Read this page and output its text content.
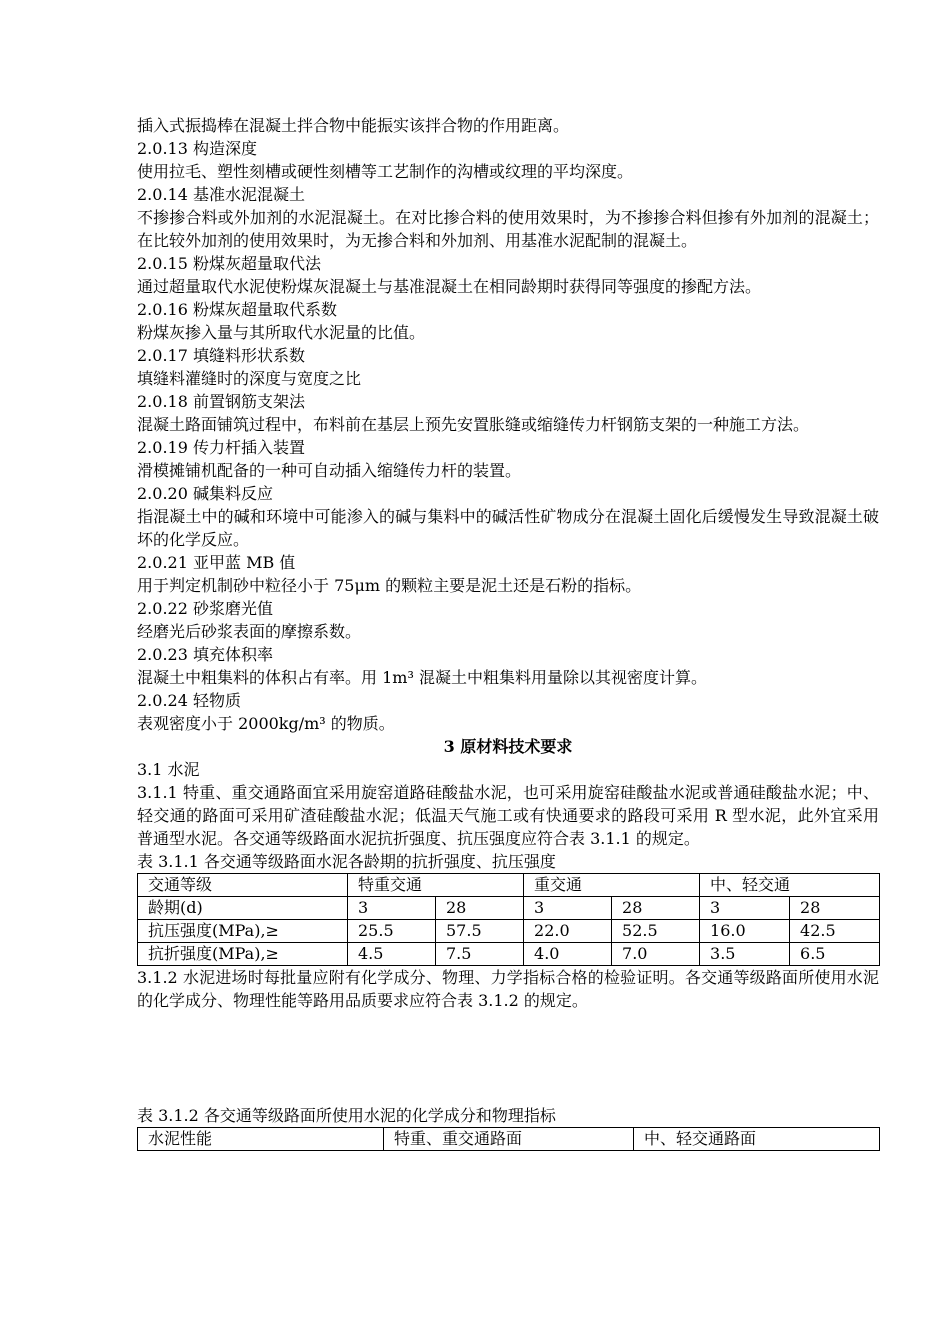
插入式振捣棒在混凝土拌合物中能振实该拌合物的作用距离。

2.0.13 构造深度

使用拉毛、塑性刻槽或硬性刻槽等工艺制作的沟槽或纹理的平均深度。

2.0.14 基准水泥混凝土

不掺掺合料或外加剂的水泥混凝土。在对比掺合料的使用效果时，为不掺掺合料但掺有外加剂的混凝土；在比较外加剂的使用效果时，为无掺合料和外加剂、用基准水泥配制的混凝土。

2.0.15 粉煤灰超量取代法

通过超量取代水泥使粉煤灰混凝土与基准混凝土在相同龄期时获得同等强度的掺配方法。

2.0.16 粉煤灰超量取代系数

粉煤灰掺入量与其所取代水泥量的比值。

2.0.17 填缝料形状系数

填缝料灌缝时的深度与宽度之比

2.0.18 前置钢筋支架法

混凝土路面铺筑过程中，布料前在基层上预先安置胀缝或缩缝传力杆钢筋支架的一种施工方法。

2.0.19 传力杆插入装置

滑模摊铺机配备的一种可自动插入缩缝传力杆的装置。

2.0.20 碱集料反应

指混凝土中的碱和环境中可能渗入的碱与集料中的碱活性矿物成分在混凝土固化后缓慢发生导致混凝土破坏的化学反应。

2.0.21 亚甲蓝 MB 值

用于判定机制砂中粒径小于 75μm 的颗粒主要是泥土还是石粉的指标。

2.0.22 砂浆磨光值

经磨光后砂浆表面的摩擦系数。

2.0.23 填充体积率

混凝土中粗集料的体积占有率。用 1m³ 混凝土中粗集料用量除以其视密度计算。

2.0.24 轻物质

表观密度小于 2000kg/m³ 的物质。

3 原材料技术要求

3.1 水泥

3.1.1 特重、重交通路面宜采用旋窑道路硅酸盐水泥，也可采用旋窑硅酸盐水泥或普通硅酸盐水泥；中、轻交通的路面可采用矿渣硅酸盐水泥；低温天气施工或有快通要求的路段可采用 R 型水泥，此外宜采用普通型水泥。各交通等级路面水泥抗折强度、抗压强度应符合表 3.1.1 的规定。

表 3.1.1 各交通等级路面水泥各龄期的抗折强度、抗压强度

交通等级	特重交通		重交通		中、轻交通	
龄期(d)	3	28	3	28	3	28
抗压强度(MPa),≥	25.5	57.5	22.0	52.5	16.0	42.5
抗折强度(MPa),≥	4.5	7.5	4.0	7.0	3.5	6.5

3.1.2 水泥进场时每批量应附有化学成分、物理、力学指标合格的检验证明。各交通等级路面所使用水泥的化学成分、物理性能等路用品质要求应符合表 3.1.2 的规定。

表 3.1.2 各交通等级路面所使用水泥的化学成分和物理指标

水泥性能	特重、重交通路面	中、轻交通路面
